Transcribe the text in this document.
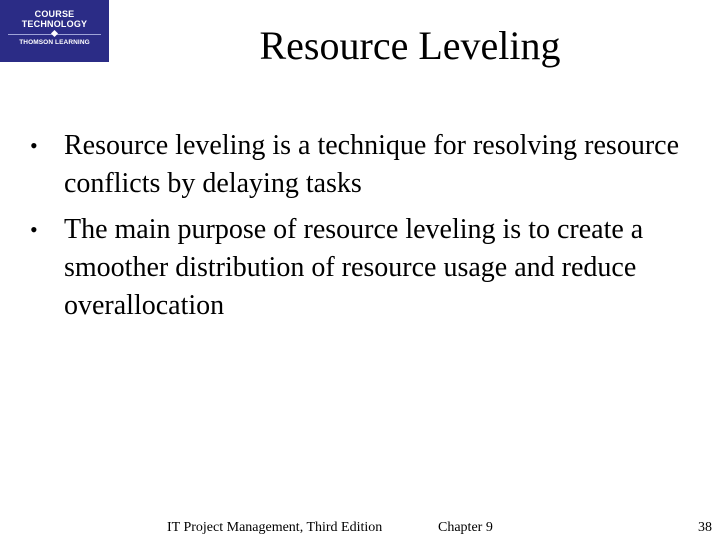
COURSE
TECHNOLOGY
THOMSON LEARNING	Resource Leveling
• Resource leveling is a technique for resolving resource conflicts by delaying tasks
• The main purpose of resource leveling is to create a smoother distribution of resource usage and reduce overallocation
IT Project Management, Third Edition	Chapter 9	38
